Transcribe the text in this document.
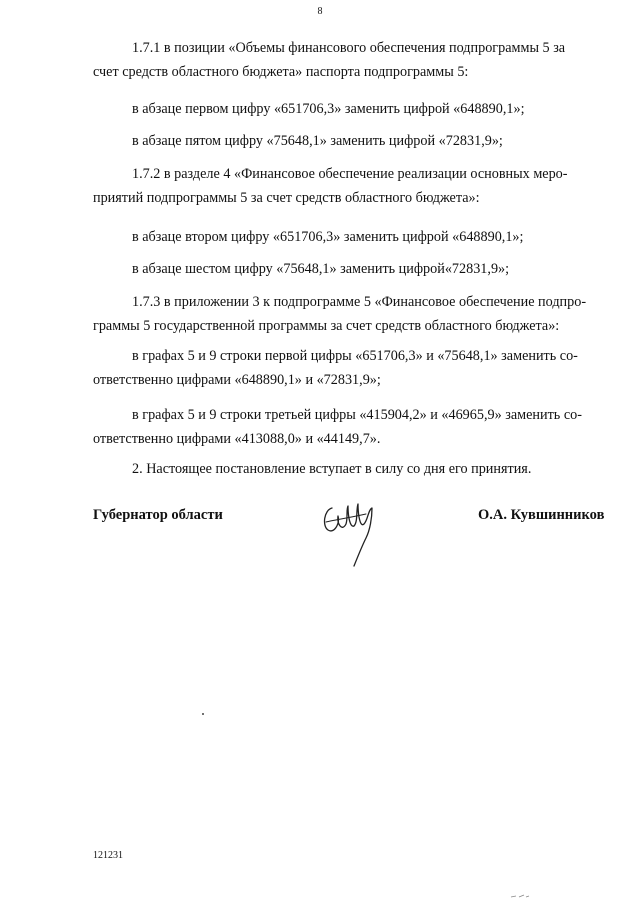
8

1.7.1 в позиции «Объемы финансового обеспечения подпрограммы 5 за

счет средств областного бюджета» паспорта подпрограммы 5:

в абзаце первом цифру «651706,3» заменить цифрой «648890,1»;

в абзаце пятом цифру «75648,1» заменить цифрой «72831,9»;

1.7.2 в разделе 4 «Финансовое обеспечение реализации основных меро-

приятий подпрограммы 5 за счет средств областного бюджета»:

в абзаце втором цифру «651706,3» заменить цифрой «648890,1»;

в абзаце шестом цифру «75648,1» заменить цифрой«72831,9»;

1.7.3 в приложении 3 к подпрограмме 5 «Финансовое обеспечение подпро-

граммы 5 государственной программы за счет средств областного бюджета»:

в графах 5 и 9 строки первой цифры «651706,3» и «75648,1» заменить со-

ответственно цифрами «648890,1» и «72831,9»;

в графах 5 и 9 строки третьей цифры «415904,2» и «46965,9» заменить со-

ответственно цифрами «413088,0» и «44149,7».

2. Настоящее постановление вступает в силу со дня его принятия.

Губернатор области	О.А. Кувшинников
121231
